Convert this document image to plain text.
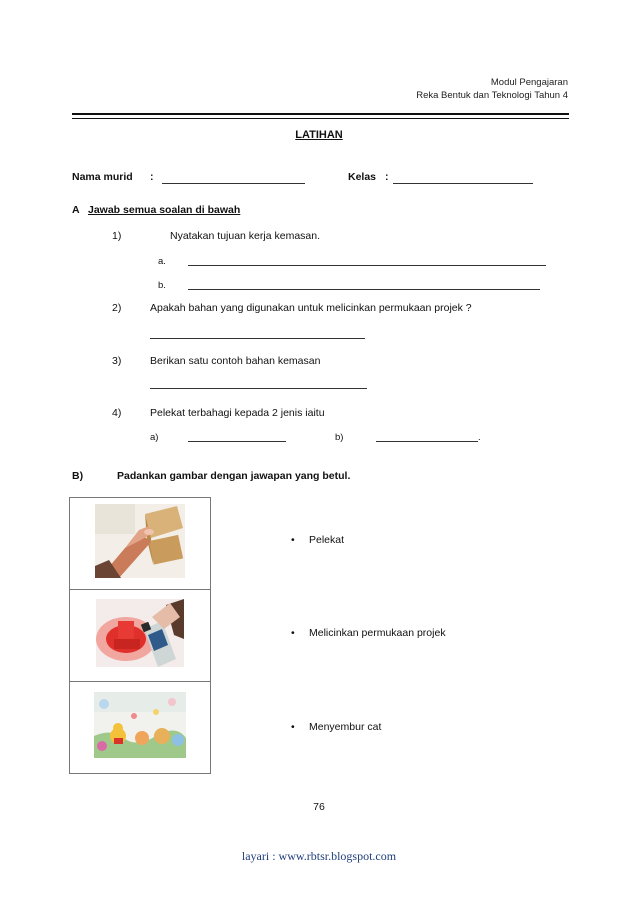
Modul Pengajaran
Reka Bentuk dan Teknologi Tahun 4
LATIHAN
Nama murid :	Kelas :
A Jawab semua soalan di bawah
1)	Nyatakan tujuan kerja kemasan.
a.
b.
2)	Apakah bahan yang digunakan untuk melicinkan permukaan projek ?
3)	Berikan satu contoh bahan kemasan
4)	Pelekat terbahagi kepada 2 jenis iaitu
a)	b)	.
B)	Padankan gambar dengan jawapan yang betul.

• Pelekat
• Melicinkan permukaan projek
• Menyembur cat
76
layari : www.rbtsr.blogspot.com
